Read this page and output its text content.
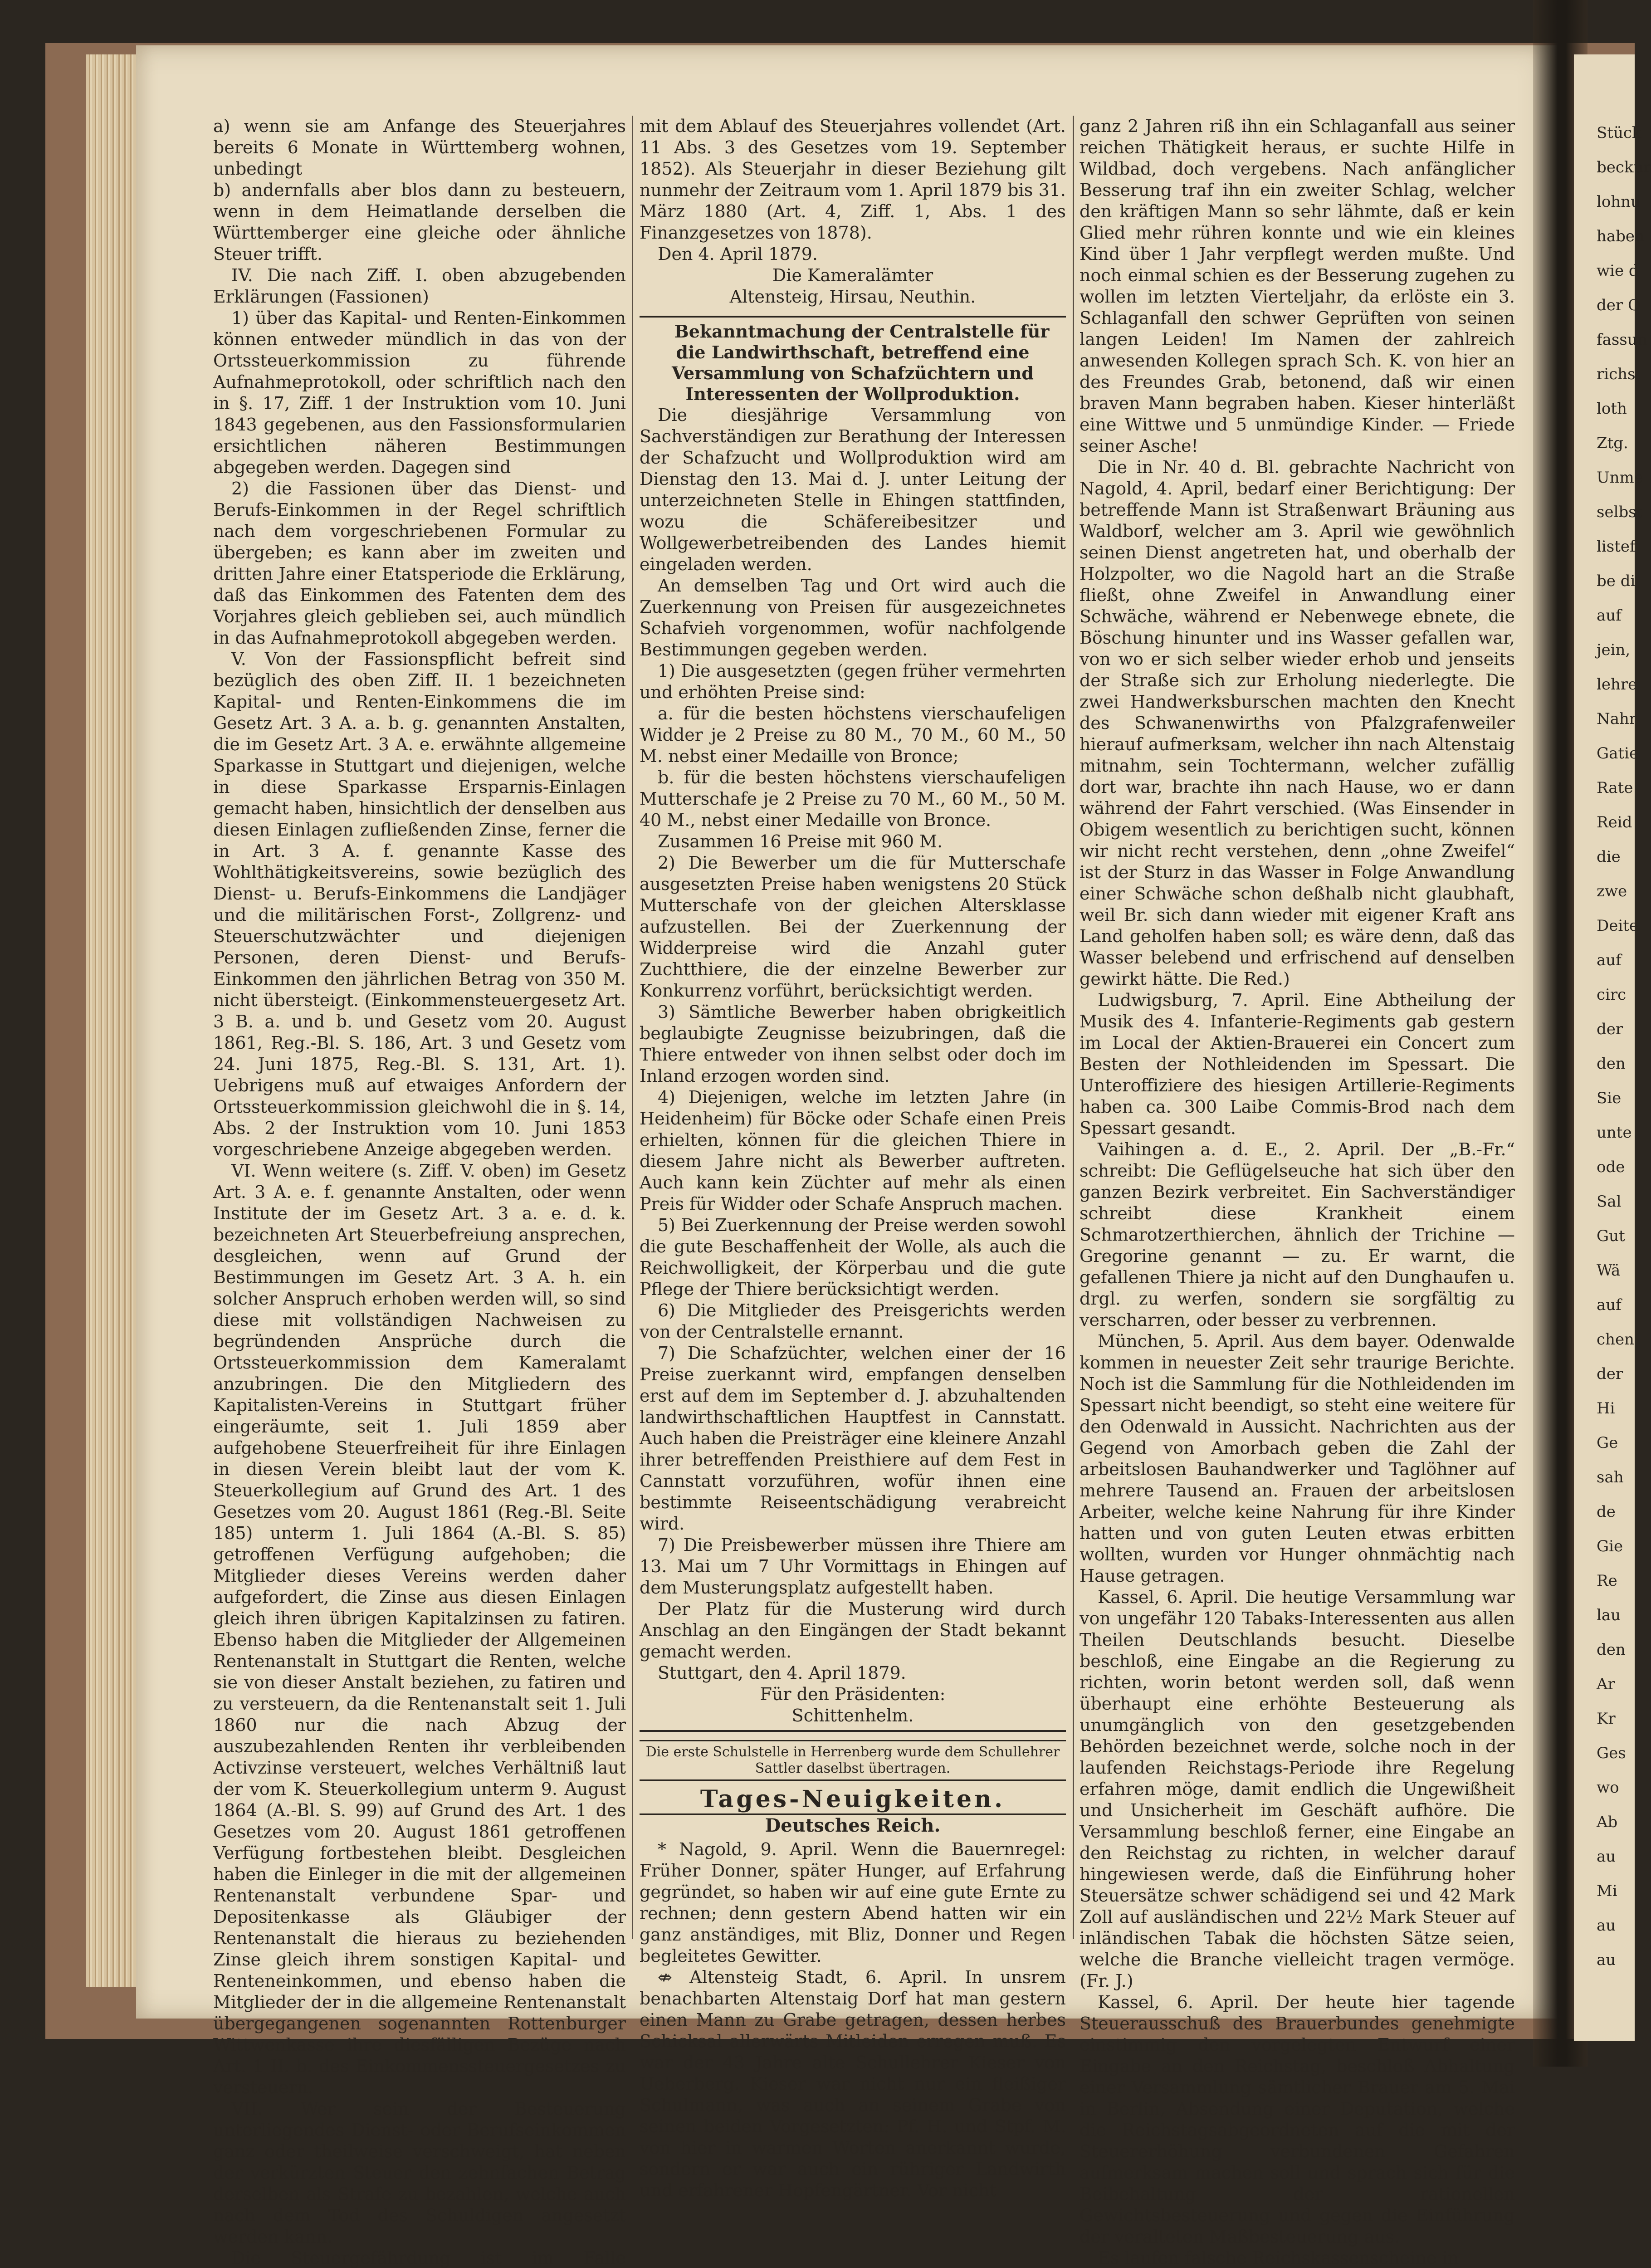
a) wenn sie am Anfange des Steuerjahres bereits 6 Monate in Württemberg wohnen, unbedingt

b) andernfalls aber blos dann zu besteuern, wenn in dem Heimatlande derselben die Württemberger eine gleiche oder ähnliche Steuer trifft.

IV. Die nach Ziff. I. oben abzugebenden Erklärungen (Fassionen)

1) über das Kapital- und Renten-Einkommen können entweder mündlich in das von der Ortssteuerkommission zu führende Aufnahmeprotokoll, oder schriftlich nach den in §. 17, Ziff. 1 der Instruktion vom 10. Juni 1843 gegebenen, aus den Fassionsformularien ersichtlichen näheren Bestimmungen abgegeben werden. Dagegen sind

2) die Fassionen über das Dienst- und Berufs-Einkommen in der Regel schriftlich nach dem vorgeschriebenen Formular zu übergeben; es kann aber im zweiten und dritten Jahre einer Etatsperiode die Erklärung, daß das Einkommen des Fatenten dem des Vorjahres gleich geblieben sei, auch mündlich in das Aufnahmeprotokoll abgegeben werden.

V. Von der Fassionspflicht befreit sind bezüglich des oben Ziff. II. 1 bezeichneten Kapital- und Renten-Einkommens die im Gesetz Art. 3 A. a. b. g. genannten Anstalten, die im Gesetz Art. 3 A. e. erwähnte allgemeine Sparkasse in Stuttgart und diejenigen, welche in diese Sparkasse Ersparnis-Einlagen gemacht haben, hinsichtlich der denselben aus diesen Einlagen zufließenden Zinse, ferner die in Art. 3 A. f. genannte Kasse des Wohlthätigkeitsvereins, sowie bezüglich des Dienst- u. Berufs-Einkommens die Landjäger und die militärischen Forst-, Zollgrenz- und Steuerschutzwächter und diejenigen Personen, deren Dienst- und Berufs-Einkommen den jährlichen Betrag von 350 M. nicht übersteigt. (Einkommensteuergesetz Art. 3 B. a. und b. und Gesetz vom 20. August 1861, Reg.-Bl. S. 186, Art. 3 und Gesetz vom 24. Juni 1875, Reg.-Bl. S. 131, Art. 1). Uebrigens muß auf etwaiges Anfordern der Ortssteuerkommission gleichwohl die in §. 14, Abs. 2 der Instruktion vom 10. Juni 1853 vorgeschriebene Anzeige abgegeben werden.

VI. Wenn weitere (s. Ziff. V. oben) im Gesetz Art. 3 A. e. f. genannte Anstalten, oder wenn Institute der im Gesetz Art. 3 a. e. d. k. bezeichneten Art Steuerbefreiung ansprechen, desgleichen, wenn auf Grund der Bestimmungen im Gesetz Art. 3 A. h. ein solcher Anspruch erhoben werden will, so sind diese mit vollständigen Nachweisen zu begründenden Ansprüche durch die Ortssteuerkommission dem Kameralamt anzubringen. Die den Mitgliedern des Kapitalisten-Vereins in Stuttgart früher eingeräumte, seit 1. Juli 1859 aber aufgehobene Steuerfreiheit für ihre Einlagen in diesen Verein bleibt laut der vom K. Steuerkollegium auf Grund des Art. 1 des Gesetzes vom 20. August 1861 (Reg.-Bl. Seite 185) unterm 1. Juli 1864 (A.-Bl. S. 85) getroffenen Verfügung aufgehoben; die Mitglieder dieses Vereins werden daher aufgefordert, die Zinse aus diesen Einlagen gleich ihren übrigen Kapitalzinsen zu fatiren. Ebenso haben die Mitglieder der Allgemeinen Rentenanstalt in Stuttgart die Renten, welche sie von dieser Anstalt beziehen, zu fatiren und zu versteuern, da die Rentenanstalt seit 1. Juli 1860 nur die nach Abzug der auszubezahlenden Renten ihr verbleibenden Activzinse versteuert, welches Verhältniß laut der vom K. Steuerkollegium unterm 9. August 1864 (A.-Bl. S. 99) auf Grund des Art. 1 des Gesetzes vom 20. August 1861 getroffenen Verfügung fortbestehen bleibt. Desgleichen haben die Einleger in die mit der allgemeinen Rentenanstalt verbundene Spar- und Depositenkasse als Gläubiger der Rentenanstalt die hieraus zu beziehenden Zinse gleich ihrem sonstigen Kapital- und Renteneinkommen, und ebenso haben die Mitglieder der in die allgemeine Rentenanstalt übergegangenen sogenannten Rottenburger Wittwenkasse ihre diesfälligen Bezüge nach Art. 1 II. b. des Einkommenssteuergesetzes zu versteuern.

VII. Wer sein der Besteuerung unterliegendes Dienst- oder Berufseinkommen ganz oder theilweise verschweigt, hat neben der verkürzten Steuer den zehnfachen Betrag derselben als Strafe zu bezahlen, welche auch nach dem Tod des Schuldigen angesetzt werden kann.

Die Steuergefährdung ist im Falle

mit dem Ablauf des Steuerjahres vollendet (Art. 11 Abs. 3 des Gesetzes vom 19. September 1852). Als Steuerjahr in dieser Beziehung gilt nunmehr der Zeitraum vom 1. April 1879 bis 31. März 1880 (Art. 4, Ziff. 1, Abs. 1 des Finanzgesetzes von 1878).

Den 4. April 1879.

Die Kameralämter

Altensteig, Hirsau, Neuthin.

Bekanntmachung der Centralstelle für die Landwirthschaft, betreffend eine Versammlung von Schafzüchtern und Interessenten der Wollproduktion.

Die diesjährige Versammlung von Sachverständigen zur Berathung der Interessen der Schafzucht und Wollproduktion wird am Dienstag den 13. Mai d. J. unter Leitung der unterzeichneten Stelle in Ehingen stattfinden, wozu die Schäfereibesitzer und Wollgewerbetreibenden des Landes hiemit eingeladen werden.

An demselben Tag und Ort wird auch die Zuerkennung von Preisen für ausgezeichnetes Schafvieh vorgenommen, wofür nachfolgende Bestimmungen gegeben werden.

1) Die ausgesetzten (gegen früher vermehrten und erhöhten Preise sind:

a. für die besten höchstens vierschaufeligen Widder je 2 Preise zu 80 M., 70 M., 60 M., 50 M. nebst einer Medaille von Bronce;

b. für die besten höchstens vierschaufeligen Mutterschafe je 2 Preise zu 70 M., 60 M., 50 M. 40 M., nebst einer Medaille von Bronce.

Zusammen 16 Preise mit 960 M.

2) Die Bewerber um die für Mutterschafe ausgesetzten Preise haben wenigstens 20 Stück Mutterschafe von der gleichen Altersklasse aufzustellen. Bei der Zuerkennung der Widderpreise wird die Anzahl guter Zuchtthiere, die der einzelne Bewerber zur Konkurrenz vorführt, berücksichtigt werden.

3) Sämtliche Bewerber haben obrigkeitlich beglaubigte Zeugnisse beizubringen, daß die Thiere entweder von ihnen selbst oder doch im Inland erzogen worden sind.

4) Diejenigen, welche im letzten Jahre (in Heidenheim) für Böcke oder Schafe einen Preis erhielten, können für die gleichen Thiere in diesem Jahre nicht als Bewerber auftreten. Auch kann kein Züchter auf mehr als einen Preis für Widder oder Schafe Anspruch machen.

5) Bei Zuerkennung der Preise werden sowohl die gute Beschaffenheit der Wolle, als auch die Reichwolligkeit, der Körperbau und die gute Pflege der Thiere berücksichtigt werden.

6) Die Mitglieder des Preisgerichts werden von der Centralstelle ernannt.

7) Die Schafzüchter, welchen einer der 16 Preise zuerkannt wird, empfangen denselben erst auf dem im September d. J. abzuhaltenden landwirthschaftlichen Hauptfest in Cannstatt. Auch haben die Preisträger eine kleinere Anzahl ihrer betreffenden Preisthiere auf dem Fest in Cannstatt vorzuführen, wofür ihnen eine bestimmte Reiseentschädigung verabreicht wird.

7) Die Preisbewerber müssen ihre Thiere am 13. Mai um 7 Uhr Vormittags in Ehingen auf dem Musterungsplatz aufgestellt haben.

Der Platz für die Musterung wird durch Anschlag an den Eingängen der Stadt bekannt gemacht werden.

Stuttgart, den 4. April 1879.

Für den Präsidenten:

Schittenhelm.

Die erste Schulstelle in Herrenberg wurde dem Schullehrer Sattler daselbst übertragen.
Tages-Neuigkeiten.
Deutsches Reich.

* Nagold, 9. April. Wenn die Bauernregel: Früher Donner, später Hunger, auf Erfahrung gegründet, so haben wir auf eine gute Ernte zu rechnen; denn gestern Abend hatten wir ein ganz anständiges, mit Bliz, Donner und Regen begleitetes Gewitter.

⇎ Altensteig Stadt, 6. April. In unsrem benachbarten Altenstaig Dorf hat man gestern einen Mann zu Grabe getragen, dessen herbes Schicksal allerwärts Mitleiden erregen muß. Es war der 43 Jahre alte Schullehrer Kieser von Ueberberg. Kieser war nicht nur ein fleißiger Schulmann, was auch an seinem Grabe von seinen beiden Vorgesetzten: Pf. H. und Stpf. M. von hier in warmen Worten anerkannt wurde, sondern er war auch ein rühriger Landwirth und erfahrener Hopfengärtner. Vor nicht

ganz 2 Jahren riß ihn ein Schlaganfall aus seiner reichen Thätigkeit heraus, er suchte Hilfe in Wildbad, doch vergebens. Nach anfänglicher Besserung traf ihn ein zweiter Schlag, welcher den kräftigen Mann so sehr lähmte, daß er kein Glied mehr rühren konnte und wie ein kleines Kind über 1 Jahr verpflegt werden mußte. Und noch einmal schien es der Besserung zugehen zu wollen im letzten Vierteljahr, da erlöste ein 3. Schlaganfall den schwer Geprüften von seinen langen Leiden! Im Namen der zahlreich anwesenden Kollegen sprach Sch. K. von hier an des Freundes Grab, betonend, daß wir einen braven Mann begraben haben. Kieser hinterläßt eine Wittwe und 5 unmündige Kinder. — Friede seiner Asche!

Die in Nr. 40 d. Bl. gebrachte Nachricht von Nagold, 4. April, bedarf einer Berichtigung: Der betreffende Mann ist Straßenwart Bräuning aus Waldborf, welcher am 3. April wie gewöhnlich seinen Dienst angetreten hat, und oberhalb der Holzpolter, wo die Nagold hart an die Straße fließt, ohne Zweifel in Anwandlung einer Schwäche, während er Nebenwege ebnete, die Böschung hinunter und ins Wasser gefallen war, von wo er sich selber wieder erhob und jenseits der Straße sich zur Erholung niederlegte. Die zwei Handwerksburschen machten den Knecht des Schwanenwirths von Pfalzgrafenweiler hierauf aufmerksam, welcher ihn nach Altenstaig mitnahm, sein Tochtermann, welcher zufällig dort war, brachte ihn nach Hause, wo er dann während der Fahrt verschied. (Was Einsender in Obigem wesentlich zu berichtigen sucht, können wir nicht recht verstehen, denn „ohne Zweifel“ ist der Sturz in das Wasser in Folge Anwandlung einer Schwäche schon deßhalb nicht glaubhaft, weil Br. sich dann wieder mit eigener Kraft ans Land geholfen haben soll; es wäre denn, daß das Wasser belebend und erfrischend auf denselben gewirkt hätte. Die Red.)

Ludwigsburg, 7. April. Eine Abtheilung der Musik des 4. Infanterie-Regiments gab gestern im Local der Aktien-Brauerei ein Concert zum Besten der Nothleidenden im Spessart. Die Unteroffiziere des hiesigen Artillerie-Regiments haben ca. 300 Laibe Commis-Brod nach dem Spessart gesandt.

Vaihingen a. d. E., 2. April. Der „B.-Fr.“ schreibt: Die Geflügelseuche hat sich über den ganzen Bezirk verbreitet. Ein Sachverständiger schreibt diese Krankheit einem Schmarotzerthierchen, ähnlich der Trichine — Gregorine genannt — zu. Er warnt, die gefallenen Thiere ja nicht auf den Dunghaufen u. drgl. zu werfen, sondern sie sorgfältig zu verscharren, oder besser zu verbrennen.

München, 5. April. Aus dem bayer. Odenwalde kommen in neuester Zeit sehr traurige Berichte. Noch ist die Sammlung für die Nothleidenden im Spessart nicht beendigt, so steht eine weitere für den Odenwald in Aussicht. Nachrichten aus der Gegend von Amorbach geben die Zahl der arbeitslosen Bauhandwerker und Taglöhner auf mehrere Tausend an. Frauen der arbeitslosen Arbeiter, welche keine Nahrung für ihre Kinder hatten und von guten Leuten etwas erbitten wollten, wurden vor Hunger ohnmächtig nach Hause getragen.

Kassel, 6. April. Die heutige Versammlung war von ungefähr 120 Tabaks-Interessenten aus allen Theilen Deutschlands besucht. Dieselbe beschloß, eine Eingabe an die Regierung zu richten, worin betont werden soll, daß wenn überhaupt eine erhöhte Besteuerung als unumgänglich von den gesetzgebenden Behörden bezeichnet werde, solche noch in der laufenden Reichstags-Periode ihre Regelung erfahren möge, damit endlich die Ungewißheit und Unsicherheit im Geschäft aufhöre. Die Versammlung beschloß ferner, eine Eingabe an den Reichstag zu richten, in welcher darauf hingewiesen werde, daß die Einführung hoher Steuersätze schwer schädigend sei und 42 Mark Zoll auf ausländischen und 22½ Mark Steuer auf inländischen Tabak die höchsten Sätze seien, welche die Branche vielleicht tragen vermöge. (Fr. J.)

Kassel, 6. April. Der heute hier tagende Steuerausschuß des Brauerbundes genehmigte einstimmig den vorgelegten Entwurf einer Eingabe an den Reichstag, beschloß Abhaltung einer Versammlung sämtlicher Brauer am 5. Mai in Berlin, Absendung einer Deputation, welche die Reichstagsabgeordneten auf die mit der Steuererhöhung verbundenen Gefahren aufmerksam machen soll und sprach sich für die Beibehaltung der rationellen Gewichtsbesteuerung und gegen die Einführung der veralteten Maßbesteuerung aus.

Es laufen falsche Reichskassenscheine in

Stück
beckur
lohnu
haben
wie d
der O
fassun
richs
loth
Ztg.
Unme
selbst
listef
be di
auf
jein,
lehre
Nahr
Gatie
Rate
Reid
die
zwe
Deite
auf
circ
der
den
Sie
unte
ode
Sal
Gut
Wä
auf
chen
der
Hi
Ge
sah
de
Gie
Re
lau
den
Ar
Kr
Ges
wo
Ab
au
Mi
au
au
